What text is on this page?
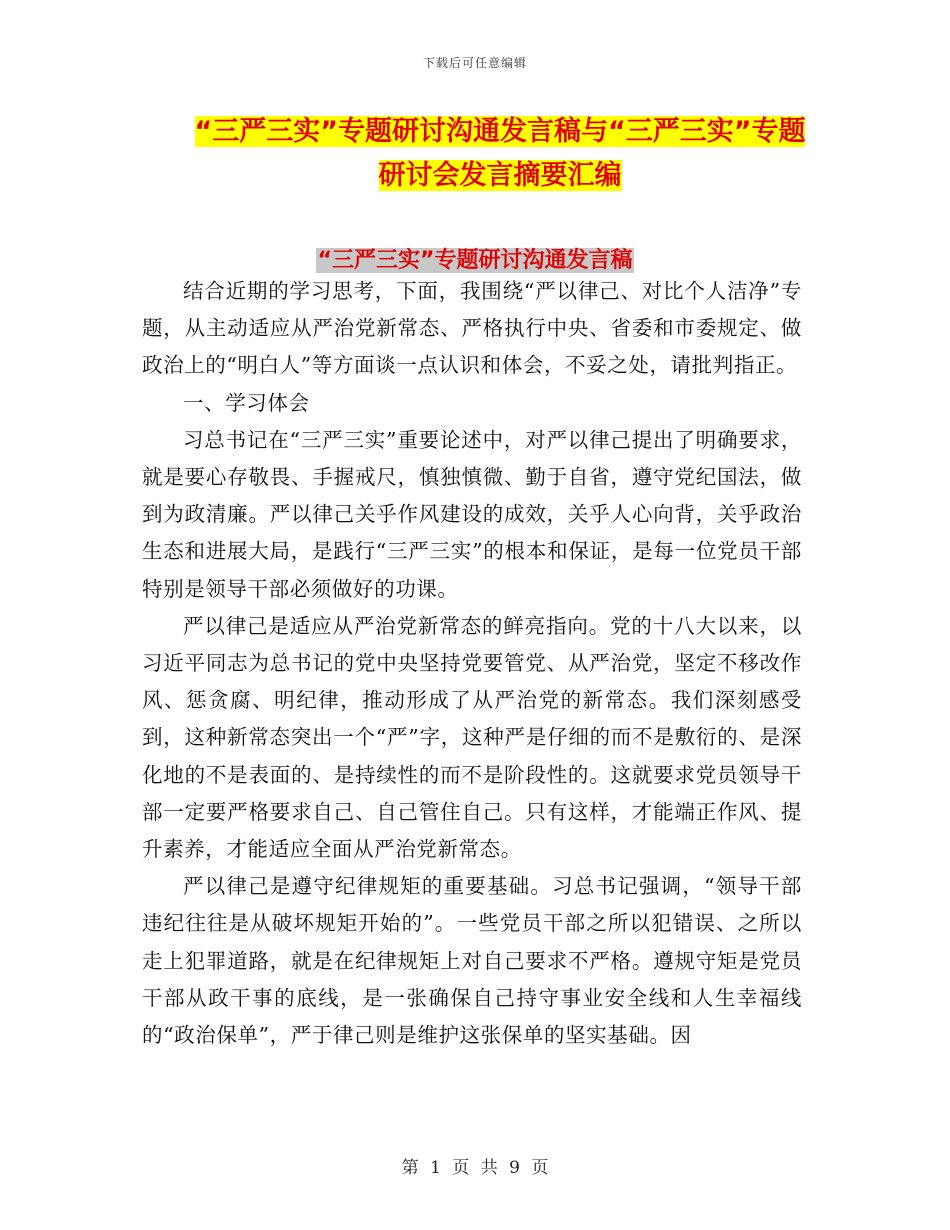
下载后可任意编辑
“三严三实”专题研讨沟通发言稿与“三严三实”专题研讨会发言摘要汇编
“三严三实”专题研讨沟通发言稿

结合近期的学习思考，下面，我围绕“严以律己、对比个人洁净”专题，从主动适应从严治党新常态、严格执行中央、省委和市委规定、做政治上的“明白人”等方面谈一点认识和体会，不妥之处，请批判指正。

一、学习体会

习总书记在“三严三实”重要论述中，对严以律己提出了明确要求，就是要心存敬畏、手握戒尺，慎独慎微、勤于自省，遵守党纪国法，做到为政清廉。严以律己关乎作风建设的成效，关乎人心向背，关乎政治生态和进展大局，是践行“三严三实”的根本和保证，是每一位党员干部特别是领导干部必须做好的功课。

严以律己是适应从严治党新常态的鲜亮指向。党的十八大以来，以习近平同志为总书记的党中央坚持党要管党、从严治党，坚定不移改作风、惩贪腐、明纪律，推动形成了从严治党的新常态。我们深刻感受到，这种新常态突出一个“严”字，这种严是仔细的而不是敷衍的、是深化地的不是表面的、是持续性的而不是阶段性的。这就要求党员领导干部一定要严格要求自己、自己管住自己。只有这样，才能端正作风、提升素养，才能适应全面从严治党新常态。

严以律己是遵守纪律规矩的重要基础。习总书记强调，“领导干部违纪往往是从破坏规矩开始的”。一些党员干部之所以犯错误、之所以走上犯罪道路，就是在纪律规矩上对自己要求不严格。遵规守矩是党员干部从政干事的底线，是一张确保自己持守事业安全线和人生幸福线的“政治保单”，严于律己则是维护这张保单的坚实基础。因

第 1 页 共 9 页
